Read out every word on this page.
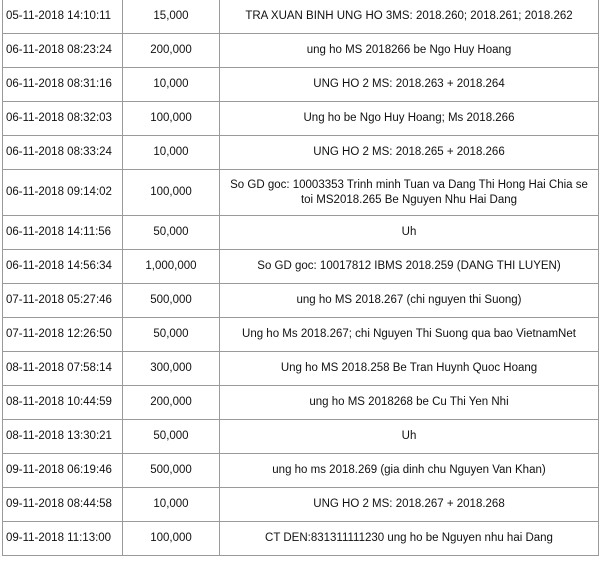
05-11-2018 14:10:11	15,000	TRA XUAN BINH UNG HO 3MS: 2018.260; 2018.261; 2018.262
06-11-2018 08:23:24	200,000	ung ho MS 2018266 be Ngo Huy Hoang
06-11-2018 08:31:16	10,000	UNG HO 2 MS: 2018.263 + 2018.264
06-11-2018 08:32:03	100,000	Ung ho be Ngo Huy Hoang; Ms 2018.266
06-11-2018 08:33:24	10,000	UNG HO 2 MS: 2018.265 + 2018.266
06-11-2018 09:14:02	100,000	So GD goc: 10003353 Trinh minh Tuan va Dang Thi Hong Hai Chia se toi MS2018.265 Be Nguyen Nhu Hai Dang
06-11-2018 14:11:56	50,000	Uh
06-11-2018 14:56:34	1,000,000	So GD goc: 10017812 IBMS 2018.259 (DANG THI LUYEN)
07-11-2018 05:27:46	500,000	ung ho MS 2018.267 (chi nguyen thi Suong)
07-11-2018 12:26:50	50,000	Ung ho Ms 2018.267; chi Nguyen Thi Suong qua bao VietnamNet
08-11-2018 07:58:14	300,000	Ung ho MS 2018.258 Be Tran Huynh Quoc Hoang
08-11-2018 10:44:59	200,000	ung ho MS 2018268 be Cu Thi Yen Nhi
08-11-2018 13:30:21	50,000	Uh
09-11-2018 06:19:46	500,000	ung ho ms 2018.269 (gia dinh chu Nguyen Van Khan)
09-11-2018 08:44:58	10,000	UNG HO 2 MS: 2018.267 + 2018.268
09-11-2018 11:13:00	100,000	CT DEN:831311111230 ung ho be Nguyen nhu hai Dang
